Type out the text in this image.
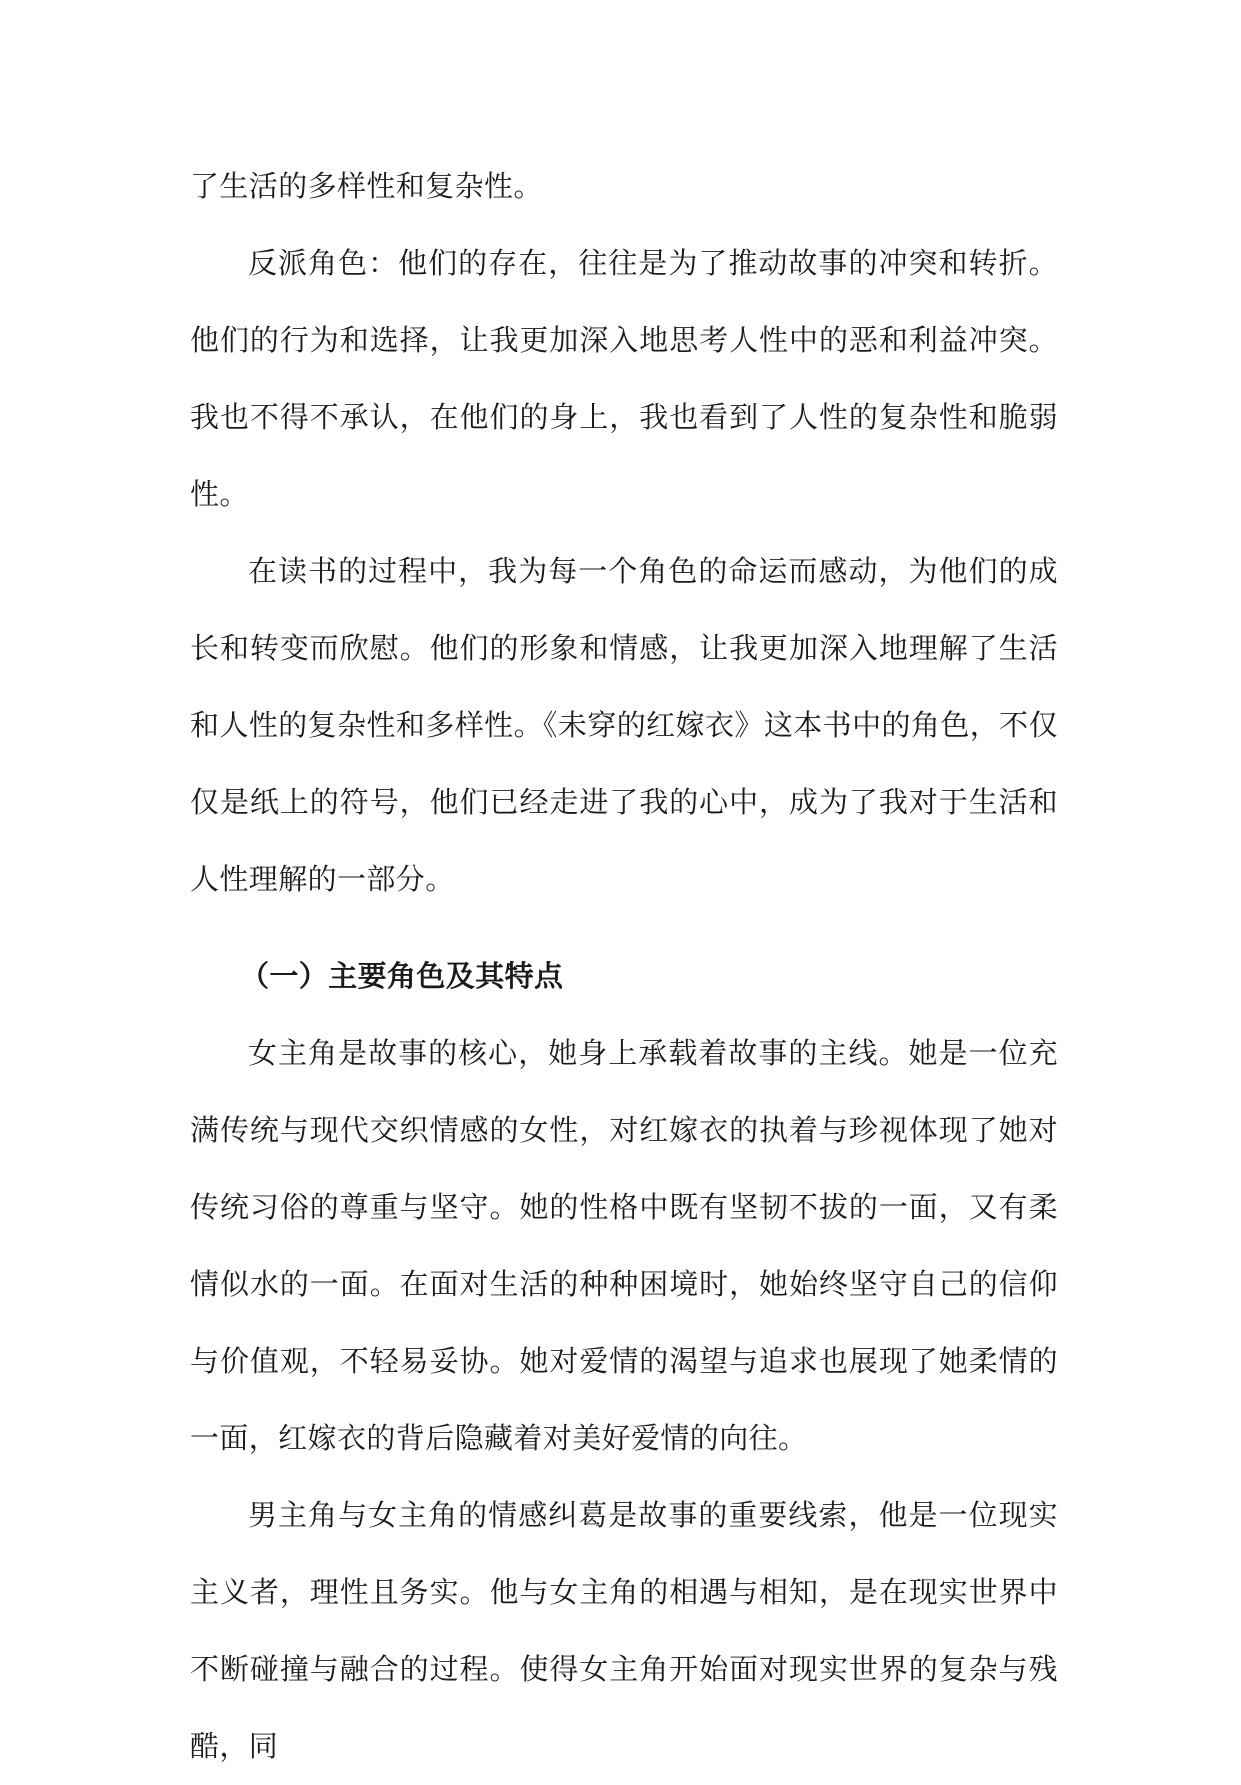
了生活的多样性和复杂性。

反派角色：他们的存在，往往是为了推动故事的冲突和转折。他们的行为和选择，让我更加深入地思考人性中的恶和利益冲突。我也不得不承认，在他们的身上，我也看到了人性的复杂性和脆弱性。

在读书的过程中，我为每一个角色的命运而感动，为他们的成长和转变而欣慰。他们的形象和情感，让我更加深入地理解了生活和人性的复杂性和多样性。《未穿的红嫁衣》这本书中的角色，不仅仅是纸上的符号，他们已经走进了我的心中，成为了我对于生活和人性理解的一部分。

（一）主要角色及其特点

女主角是故事的核心，她身上承载着故事的主线。她是一位充满传统与现代交织情感的女性，对红嫁衣的执着与珍视体现了她对传统习俗的尊重与坚守。她的性格中既有坚韧不拔的一面，又有柔情似水的一面。在面对生活的种种困境时，她始终坚守自己的信仰与价值观，不轻易妥协。她对爱情的渴望与追求也展现了她柔情的一面，红嫁衣的背后隐藏着对美好爱情的向往。

男主角与女主角的情感纠葛是故事的重要线索，他是一位现实主义者，理性且务实。他与女主角的相遇与相知，是在现实世界中不断碰撞与融合的过程。使得女主角开始面对现实世界的复杂与残酷，同
